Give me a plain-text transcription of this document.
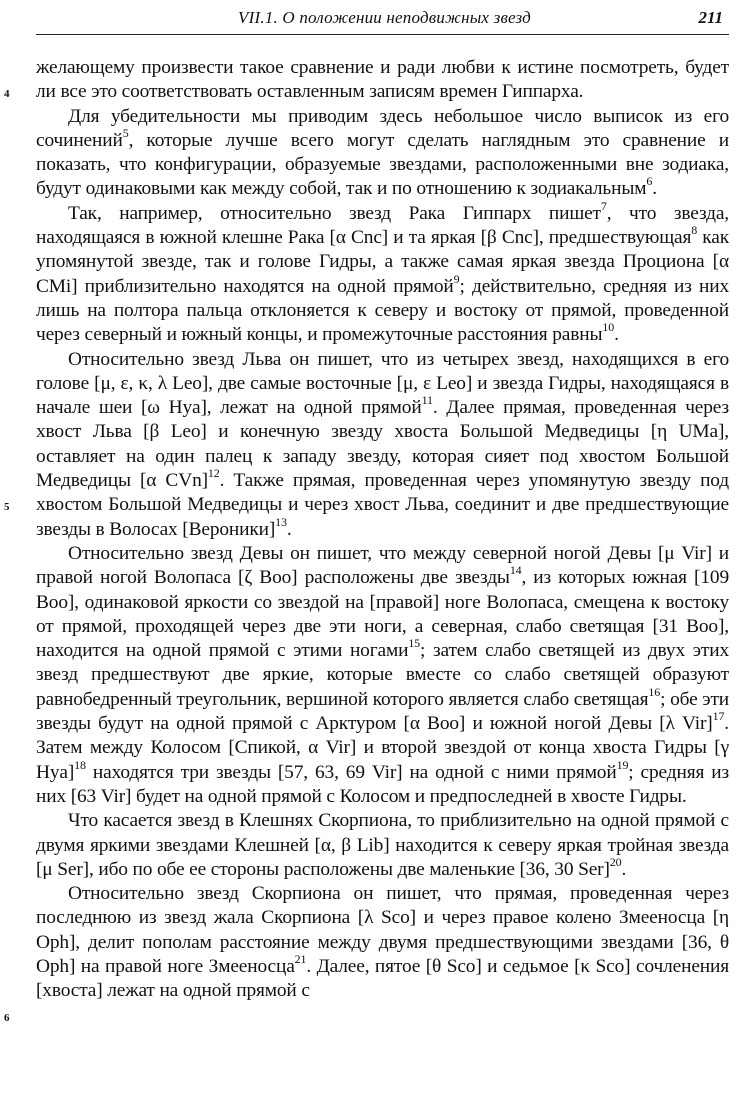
VII.1. О положении неподвижных звезд	211
4
5
6

желающему произвести такое сравнение и ради любви к истине посмотреть, будет ли все это соответствовать оставленным записям времен Гиппарха.

Для убедительности мы приводим здесь небольшое число выписок из его сочинений$^5$, которые лучше всего могут сделать наглядным это сравнение и показать, что конфигурации, образуемые звездами, расположенными вне зодиака, будут одинаковыми как между собой, так и по отношению к зодиакальным$^6$.

Так, например, относительно звезд Рака Гиппарх пишет$^7$, что звезда, находящаяся в южной клешне Рака [α Cnc] и та яркая [β Cnc], предшествующая$^8$ как упомянутой звезде, так и голове Гидры, а также самая яркая звезда Проциона [α CMi] приблизительно находятся на одной прямой$^9$; действительно, средняя из них лишь на полтора пальца отклоняется к северу и востоку от прямой, проведенной через северный и южный концы, и промежуточные расстояния равны$^{10}$.

Относительно звезд Льва он пишет, что из четырех звезд, находящихся в его голове [μ, ε, κ, λ Leo], две самые восточные [μ, ε Leo] и звезда Гидры, находящаяся в начале шеи [ω Hya], лежат на одной прямой$^{11}$. Далее прямая, проведенная через хвост Льва [β Leo] и конечную звезду хвоста Большой Медведицы [η UMa], оставляет на один палец к западу звезду, которая сияет под хвостом Большой Медведицы [α CVn]$^{12}$. Также прямая, проведенная через упомянутую звезду под хвостом Большой Медведицы и через хвост Льва, соединит и две предшествующие звезды в Волосах [Вероники]$^{13}$.

Относительно звезд Девы он пишет, что между северной ногой Девы [μ Vir] и правой ногой Волопаса [ζ Boo] расположены две звезды$^{14}$, из которых южная [109 Boo], одинаковой яркости со звездой на [правой] ноге Волопаса, смещена к востоку от прямой, проходящей через две эти ноги, а северная, слабо светящая [31 Boo], находится на одной прямой с этими ногами$^{15}$; затем слабо светящей из двух этих звезд предшествуют две яркие, которые вместе со слабо светящей образуют равнобедренный треугольник, вершиной которого является слабо светящая$^{16}$; обе эти звезды будут на одной прямой с Арктуром [α Boo] и южной ногой Девы [λ Vir]$^{17}$. Затем между Колосом [Спикой, α Vir] и второй звездой от конца хвоста Гидры [γ Hya]$^{18}$ находятся три звезды [57, 63, 69 Vir] на одной с ними прямой$^{19}$; средняя из них [63 Vir] будет на одной прямой с Колосом и предпоследней в хвосте Гидры.

Что касается звезд в Клешнях Скорпиона, то приблизительно на одной прямой с двумя яркими звездами Клешней [α, β Lib] находится к северу яркая тройная звезда [μ Ser], ибо по обе ее стороны расположены две маленькие [36, 30 Ser]$^{20}$.

Относительно звезд Скорпиона он пишет, что прямая, проведенная через последнюю из звезд жала Скорпиона [λ Sco] и через правое колено Змееносца [η Oph], делит пополам расстояние между двумя предшествующими звездами [36, θ Oph] на правой ноге Змееносца$^{21}$. Далее, пятое [θ Sco] и седьмое [κ Sco] сочленения [хвоста] лежат на одной прямой с
